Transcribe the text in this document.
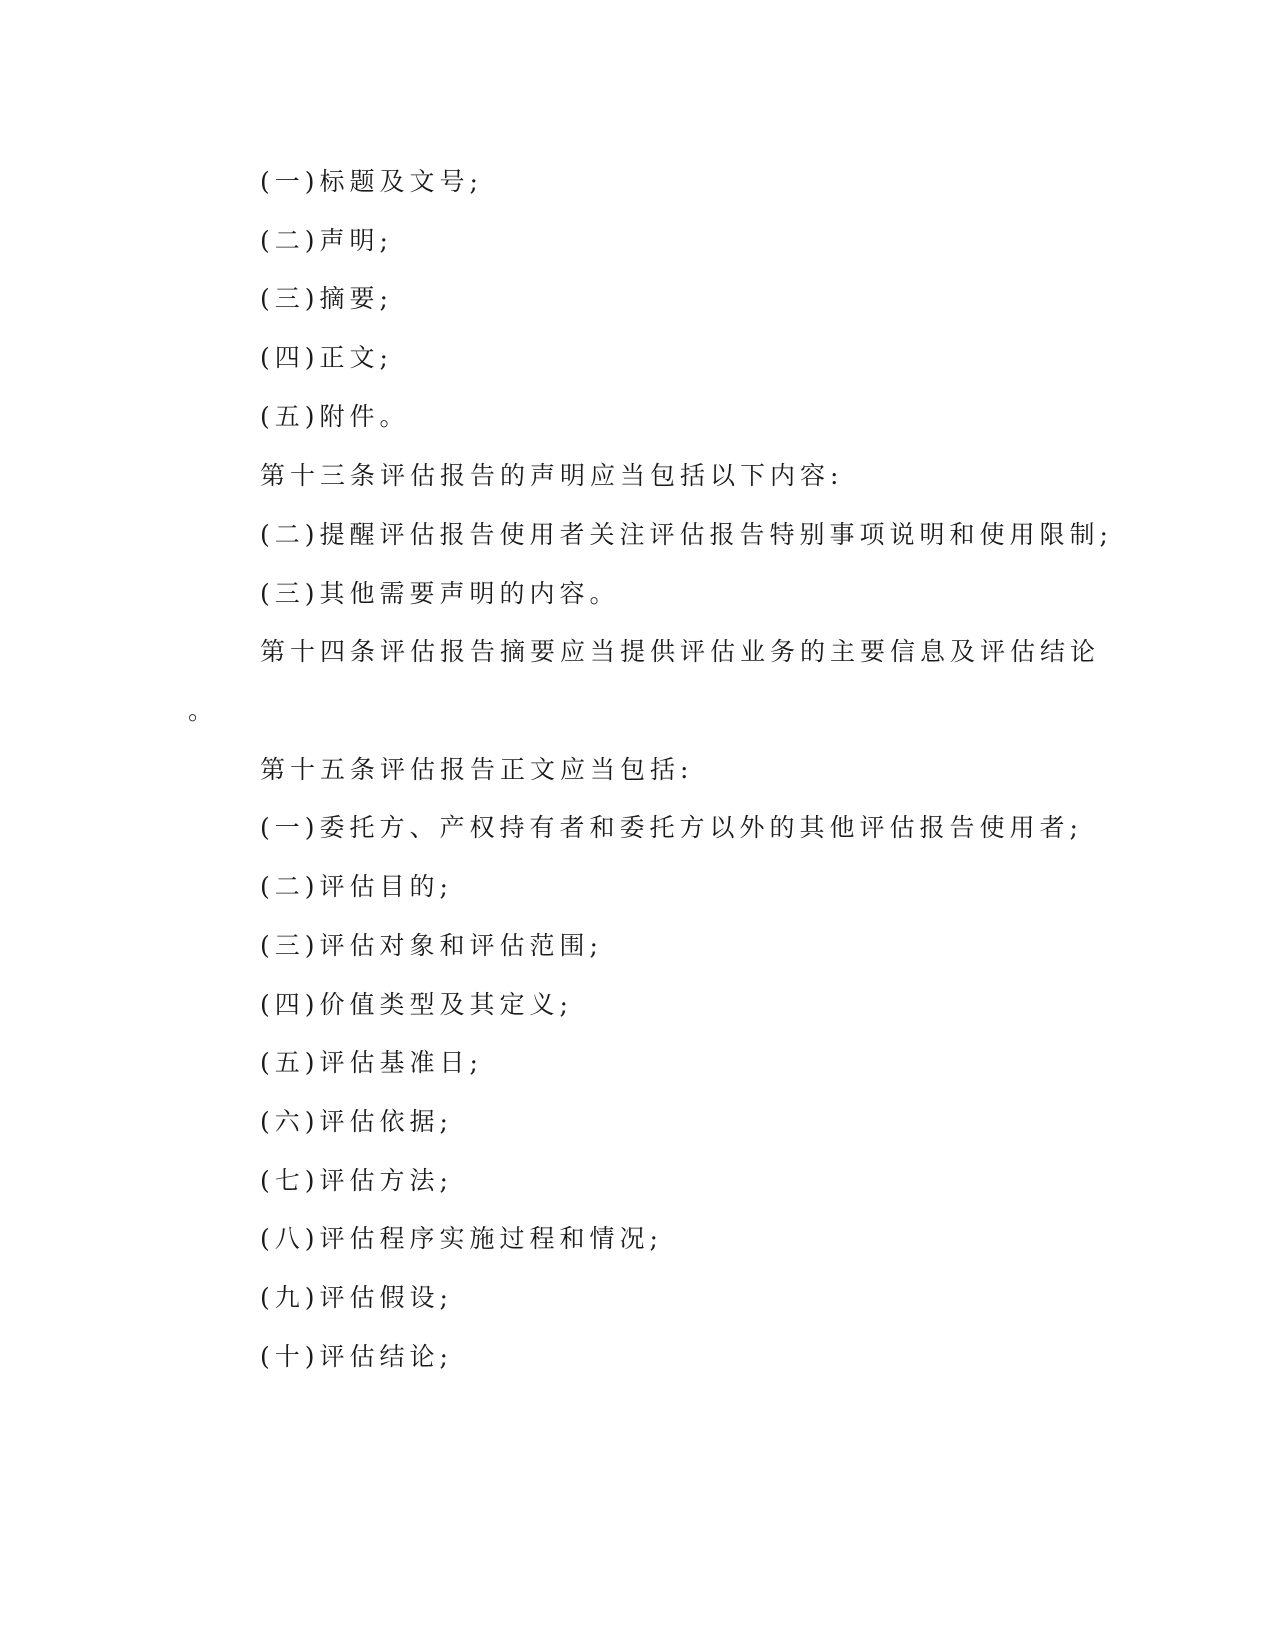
(一)标题及文号;
(二)声明;
(三)摘要;
(四)正文;
(五)附件。
第十三条评估报告的声明应当包括以下内容:
(二)提醒评估报告使用者关注评估报告特别事项说明和使用限制;
(三)其他需要声明的内容。
第十四条评估报告摘要应当提供评估业务的主要信息及评估结论
。
第十五条评估报告正文应当包括:
(一)委托方、产权持有者和委托方以外的其他评估报告使用者;
(二)评估目的;
(三)评估对象和评估范围;
(四)价值类型及其定义;
(五)评估基准日;
(六)评估依据;
(七)评估方法;
(八)评估程序实施过程和情况;
(九)评估假设;
(十)评估结论;
